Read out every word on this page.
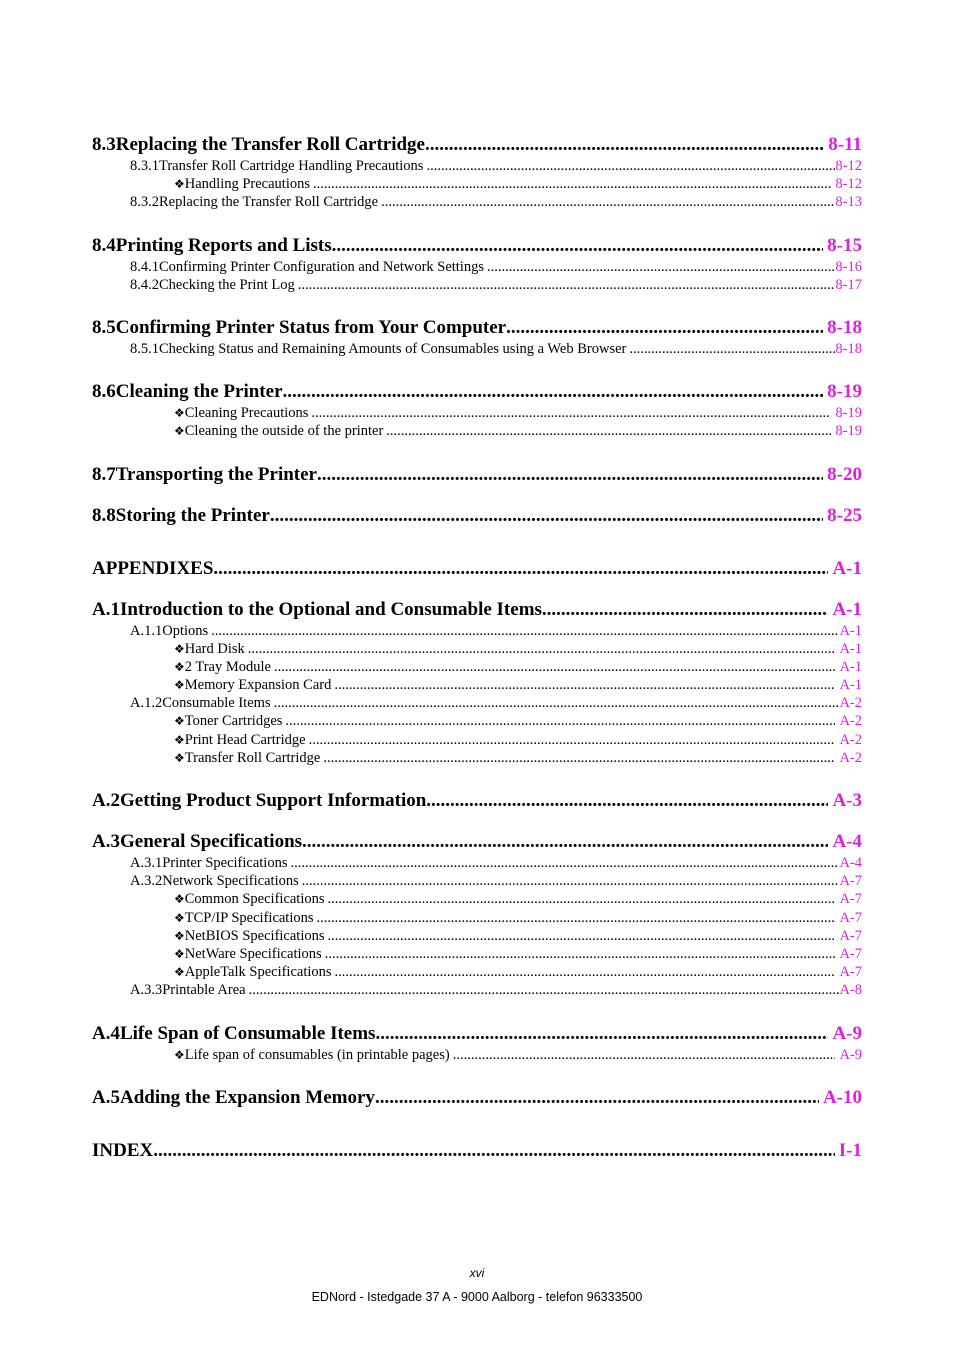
8.3 Replacing the Transfer Roll Cartridge .....	8-11
8.3.1 Transfer Roll Cartridge Handling Precautions .....	8-12
❖ Handling Precautions .....	8-12
8.3.2 Replacing the Transfer Roll Cartridge .....	8-13
8.4 Printing Reports and Lists .....	8-15
8.4.1 Confirming Printer Configuration and Network Settings .....	8-16
8.4.2 Checking the Print Log .....	8-17
8.5 Confirming Printer Status from Your Computer .....	8-18
8.5.1 Checking Status and Remaining Amounts of Consumables using a Web Browser .....	8-18
8.6 Cleaning the Printer .....	8-19
❖ Cleaning Precautions .....	8-19
❖ Cleaning the outside of the printer .....	8-19
8.7 Transporting the Printer .....	8-20
8.8 Storing the Printer .....	8-25
APPENDIXES .....	A-1
A.1 Introduction to the Optional and Consumable Items .....	A-1
A.1.1 Options .....	A-1
❖ Hard Disk .....	A-1
❖ 2 Tray Module .....	A-1
❖ Memory Expansion Card .....	A-1
A.1.2 Consumable Items .....	A-2
❖ Toner Cartridges .....	A-2
❖ Print Head Cartridge .....	A-2
❖ Transfer Roll Cartridge .....	A-2
A.2 Getting Product Support Information .....	A-3
A.3 General Specifications .....	A-4
A.3.1 Printer Specifications .....	A-4
A.3.2 Network Specifications .....	A-7
❖ Common Specifications .....	A-7
❖ TCP/IP Specifications .....	A-7
❖ NetBIOS Specifications .....	A-7
❖ NetWare Specifications .....	A-7
❖ AppleTalk Specifications .....	A-7
A.3.3 Printable Area .....	A-8
A.4 Life Span of Consumable Items .....	A-9
❖ Life span of consumables (in printable pages) .....	A-9
A.5 Adding the Expansion Memory .....	A-10
INDEX .....	I-1
xvi
EDNord - Istedgade 37 A - 9000 Aalborg - telefon 96333500
